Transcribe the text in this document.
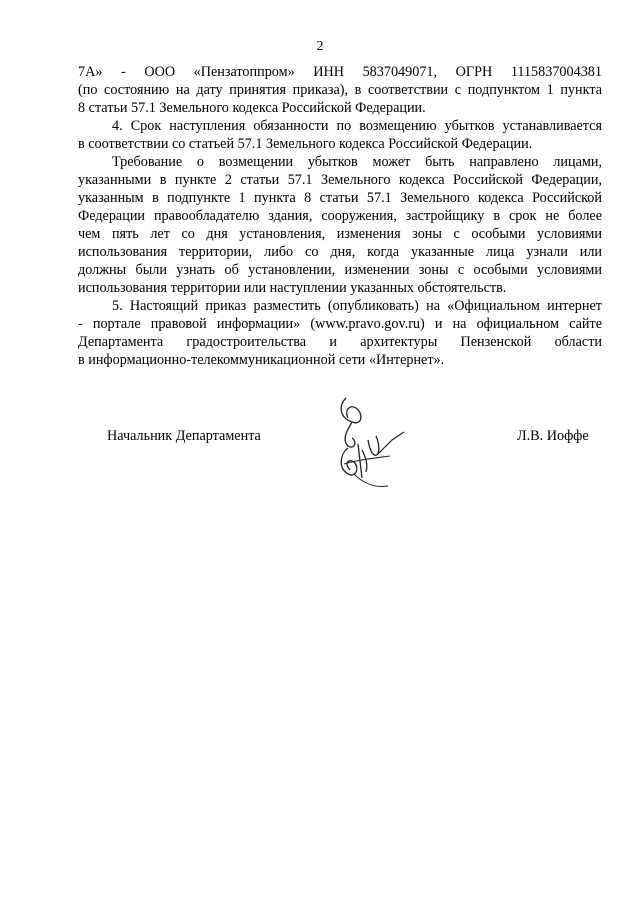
2
7А» - ООО «Пензатоппром» ИНН 5837049071, ОГРН 1115837004381
(по состоянию на дату принятия приказа), в соответствии с подпунктом 1 пункта
8 статьи 57.1 Земельного кодекса Российской Федерации.
4. Срок наступления обязанности по возмещению убытков устанавливается
в соответствии со статьей 57.1 Земельного кодекса Российской Федерации.
Требование о возмещении убытков может быть направлено лицами,
указанными в пункте 2 статьи 57.1 Земельного кодекса Российской Федерации,
указанным в подпункте 1 пункта 8 статьи 57.1 Земельного кодекса Российской
Федерации правообладателю здания, сооружения, застройщику в срок не более
чем пять лет со дня установления, изменения зоны с особыми условиями
использования территории, либо со дня, когда указанные лица узнали или
должны были узнать об установлении, изменении зоны с особыми условиями
использования территории или наступлении указанных обстоятельств.
5. Настоящий приказ разместить (опубликовать) на «Официальном интернет
- портале правовой информации» (www.pravo.gov.ru) и на официальном сайте
Департамента градостроительства и архитектуры Пензенской области
в информационно-телекоммуникационной сети «Интернет».
Начальник Департамента	Л.В. Иоффе
